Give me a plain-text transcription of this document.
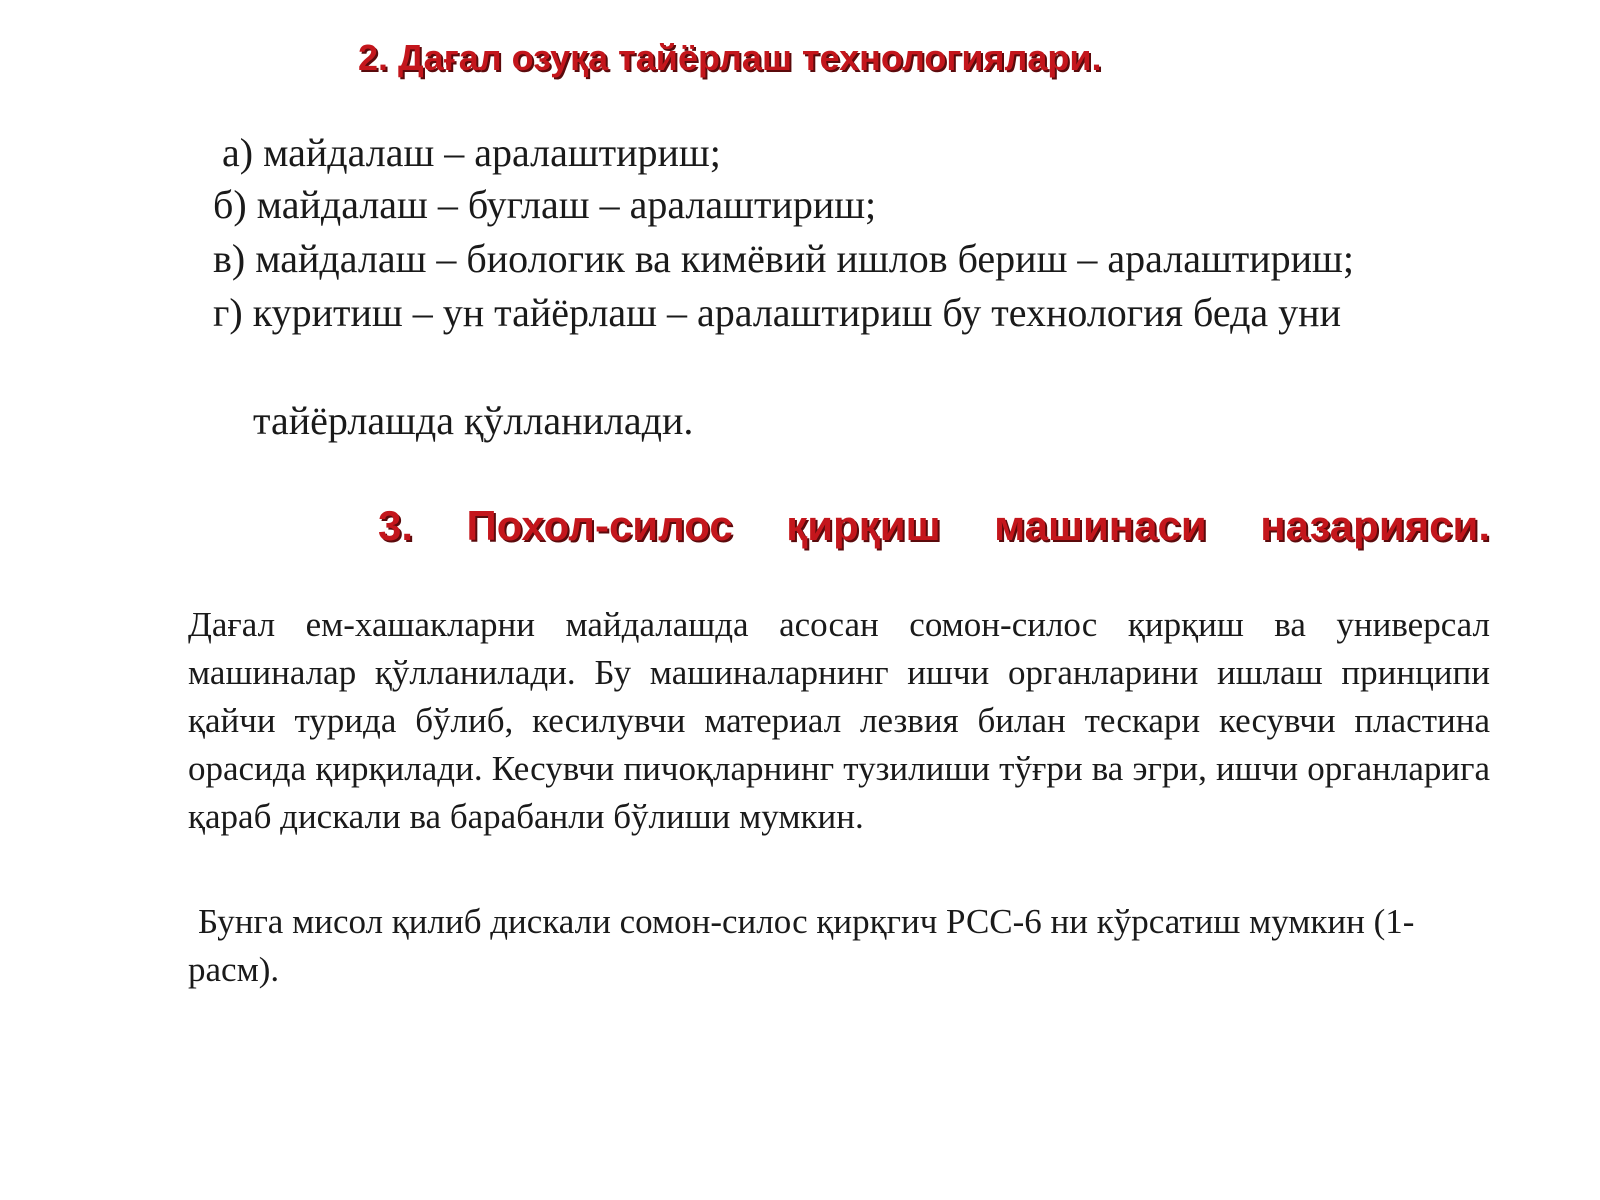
2. Дағал озуқа тайёрлаш технологиялари.
а) майдалаш – аралаштириш;
б) майдалаш – буглаш – аралаштириш;
в) майдалаш – биологик ва кимёвий ишлов бериш – аралаштириш;
г) куритиш – ун тайёрлаш – аралаштириш бу технология беда уни
тайёрлашда қўлланилади.
3. Похол-силос қирқиш машинаси назарияси.

Дағал ем-хашакларни майдалашда асосан сомон-силос қирқиш ва универсал машиналар қўлланилади. Бу машиналарнинг ишчи органларини ишлаш принципи қайчи турида бўлиб, кесилувчи материал лезвия билан тескари кесувчи пластина орасида қирқилади. Кесувчи пичоқларнинг тузилиши тўғри ва эгри, ишчи органларига қараб дискали ва барабанли бўлиши мумкин.

Бунга мисол қилиб дискали сомон-силос қирқгич РСС-6 ни кўрсатиш мумкин (1-расм).
